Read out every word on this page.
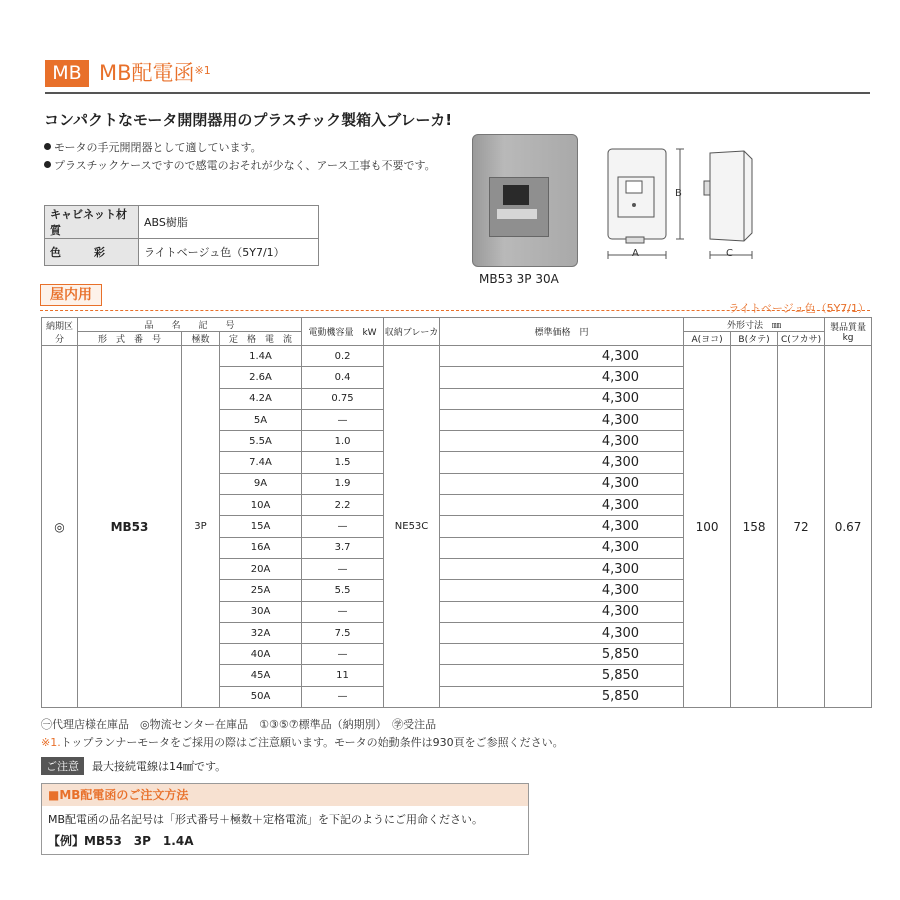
MB MB配電函$^{※1}$
コンパクトなモータ開閉器用のプラスチック製箱入ブレーカ!
モータの手元開閉器として適しています。
プラスチックケースですので感電のおそれが少なく、アース工事も不要です。
キャビネット材質	ABS樹脂
色　　　彩	ライトベージュ色（5Y7/1）
MB53 3P 30A
B
A	C
屋内用
ライトベージュ色（5Y7/1）
納期区分	品　　名　　記　　号			電動機容量　kW	収納ブレーカ	標準価格　円	外形寸法　㎜			製品質量 kg
	形　式　番　号	極数	定　格　電　流				A(ヨコ)	B(タテ)	C(フカサ)	
◎	MB53	3P	1.4A	0.2	NE53C	4,300	100	158	72	0.67
			2.6A	0.4		4,300				
			4.2A	0.75		4,300				
			5A	—		4,300				
			5.5A	1.0		4,300				
			7.4A	1.5		4,300				
			9A	1.9		4,300				
			10A	2.2		4,300				
			15A	—		4,300				
			16A	3.7		4,300				
			20A	—		4,300				
			25A	5.5		4,300				
			30A	—		4,300				
			32A	7.5		4,300				
			40A	—		5,850				
			45A	11		5,850				
			50A	—		5,850				
㊀代理店様在庫品　◎物流センター在庫品　①③⑤⑦標準品（納期別）　㊫受注品
※1.トップランナーモータをご採用の際はご注意願います。モータの始動条件は930頁をご参照ください。
ご注意 最大接続電線は14㎟です。
■MB配電函のご注文方法
MB配電函の品名記号は「形式番号＋極数＋定格電流」を下記のようにご用命ください。
【例】MB53　3P　1.4A
